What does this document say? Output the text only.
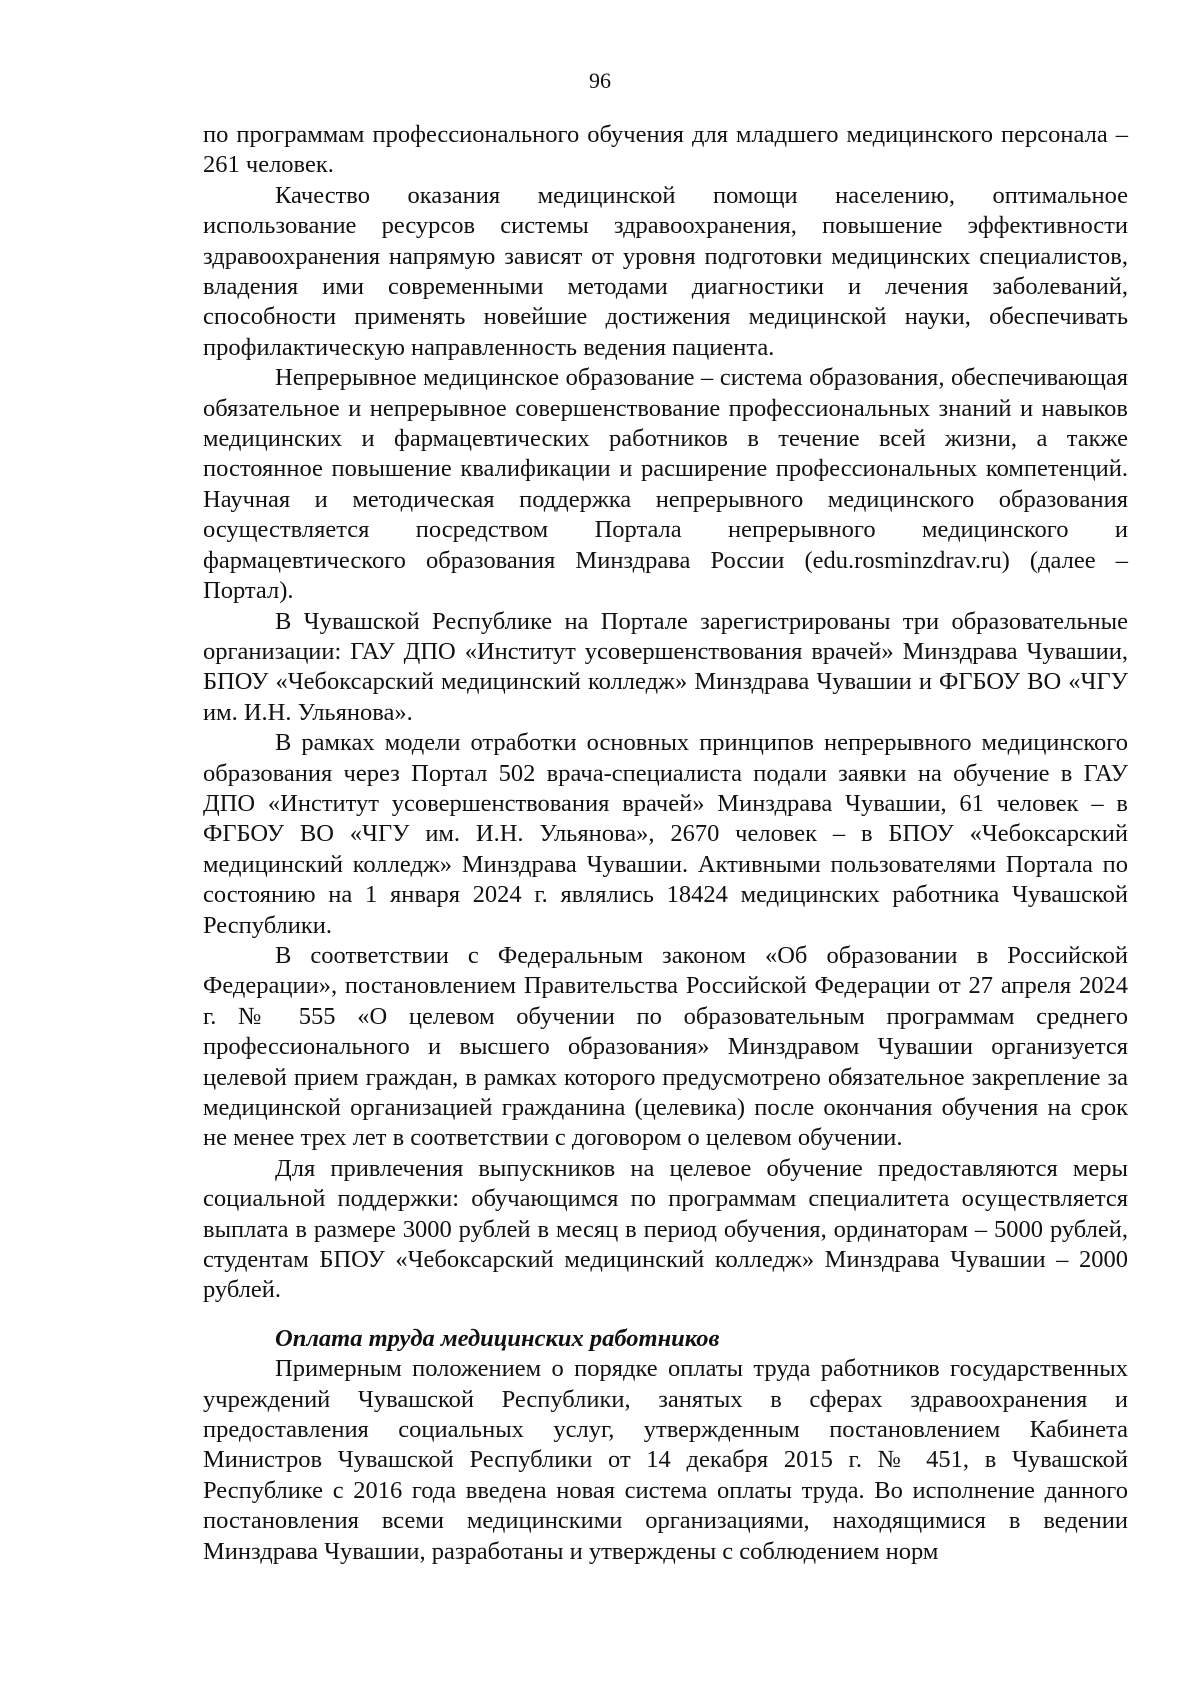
96

по программам профессионального обучения для младшего медицинского персонала – 261 человек.

Качество оказания медицинской помощи населению, оптимальное использование ресурсов системы здравоохранения, повышение эффективности здравоохранения напрямую зависят от уровня подготовки медицинских специалистов, владения ими современными методами диагностики и лечения заболеваний, способности применять новейшие достижения медицинской науки, обеспечивать профилактическую направленность ведения пациента.

Непрерывное медицинское образование – система образования, обеспечивающая обязательное и непрерывное совершенствование профессиональных знаний и навыков медицинских и фармацевтических работников в течение всей жизни, а также постоянное повышение квалификации и расширение профессиональных компетенций. Научная и методическая поддержка непрерывного медицинского образования осуществляется посредством Портала непрерывного медицинского и фармацевтического образования Минздрава России (edu.rosminzdrav.ru) (далее – Портал).

В Чувашской Республике на Портале зарегистрированы три образовательные организации: ГАУ ДПО «Институт усовершенствования врачей» Минздрава Чувашии, БПОУ «Чебоксарский медицинский колледж» Минздрава Чувашии и ФГБОУ ВО «ЧГУ им. И.Н. Ульянова».

В рамках модели отработки основных принципов непрерывного медицинского образования через Портал 502 врача-специалиста подали заявки на обучение в ГАУ ДПО «Институт усовершенствования врачей» Минздрава Чувашии, 61 человек – в ФГБОУ ВО «ЧГУ им. И.Н. Ульянова», 2670 человек – в БПОУ «Чебоксарский медицинский колледж» Минздрава Чувашии. Активными пользователями Портала по состоянию на 1 января 2024 г. являлись 18424 медицинских работника Чувашской Республики.

В соответствии с Федеральным законом «Об образовании в Российской Федерации», постановлением Правительства Российской Федерации от 27 апреля 2024 г. № 555 «О целевом обучении по образовательным программам среднего профессионального и высшего образования» Минздравом Чувашии организуется целевой прием граждан, в рамках которого предусмотрено обязательное закрепление за медицинской организацией гражданина (целевика) после окончания обучения на срок не менее трех лет в соответствии с договором о целевом обучении.

Для привлечения выпускников на целевое обучение предоставляются меры социальной поддержки: обучающимся по программам специалитета осуществляется выплата в размере 3000 рублей в месяц в период обучения, ординаторам – 5000 рублей, студентам БПОУ «Чебоксарский медицинский колледж» Минздрава Чувашии – 2000 рублей.

Оплата труда медицинских работников

Примерным положением о порядке оплаты труда работников государственных учреждений Чувашской Республики, занятых в сферах здравоохранения и предоставления социальных услуг, утвержденным постановлением Кабинета Министров Чувашской Республики от 14 декабря 2015 г. № 451, в Чувашской Республике с 2016 года введена новая система оплаты труда. Во исполнение данного постановления всеми медицинскими организациями, находящимися в ведении Минздрава Чувашии, разработаны и утверждены с соблюдением норм
